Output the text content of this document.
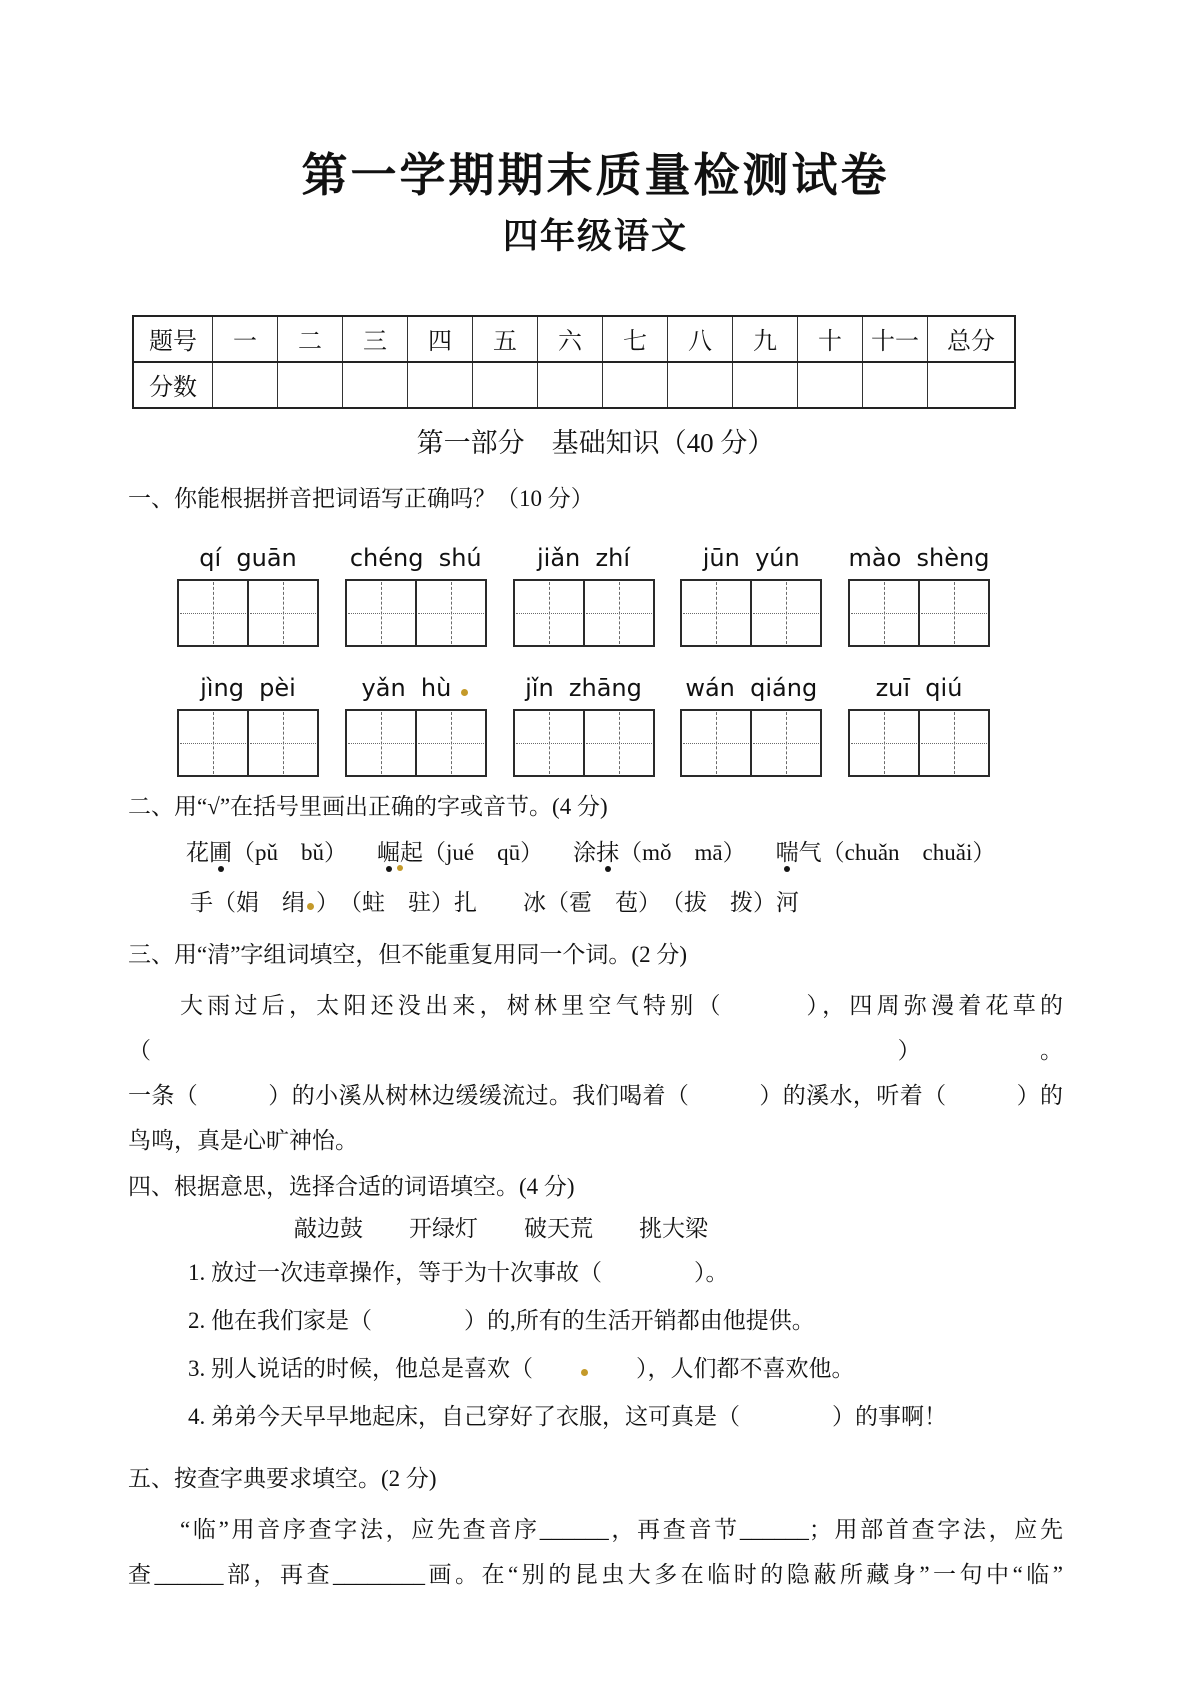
第一学期期末质量检测试卷
四年级语文
题号	一	二	三	四	五	六	七	八	九	十	十一	总分
分数												
第一部分　基础知识（40 分）
一、你能根据拼音把词语写正确吗？（10 分）
qí  guān chéng  shú jiǎn  zhí	jūn  yún mào  shèng
jìng  pèi	yǎn  hù	jǐn  zhāng wán  qiáng zuī  qiú
二、用“√”在括号里画出正确的字或音节。(4 分)
花圃（pǔ　bǔ） 崛起（jué　qū） 涂抹（mǒ　mā） 喘气（chuǎn　chuǎi）
手（娟　绢 ）　（蛀　驻）扎　　冰（雹　苞）　（拔　拨）河
三、用“清”字组词填空，但不能重复用同一个词。(2 分)
大雨过后，太阳还没出来，树林里空气特别（　　　），四周弥漫着花草的（　　　　）。
一条（　　　）的小溪从树林边缓缓流过。我们喝着（　　　）的溪水，听着（　　　）的
鸟鸣，真是心旷神怡。
四、根据意思，选择合适的词语填空。(4 分)
敲边鼓　　开绿灯　　破天荒　　挑大梁
1. 放过一次违章操作，等于为十次事故（　　　　）。
2. 他在我们家是（　　　　）的,所有的生活开销都由他提供。
3. 别人说话的时候，他总是喜欢（　　　　），人们都不喜欢他。
4. 弟弟今天早早地起床，自己穿好了衣服，这可真是（　　　　）的事啊！
五、按查字典要求填空。(2 分)
“临”用音序查字法，应先查音序______，再查音节______；用部首查字法，应先
查______部，再查________画。在“别的昆虫大多在临时的隐蔽所藏身”一句中“临”
